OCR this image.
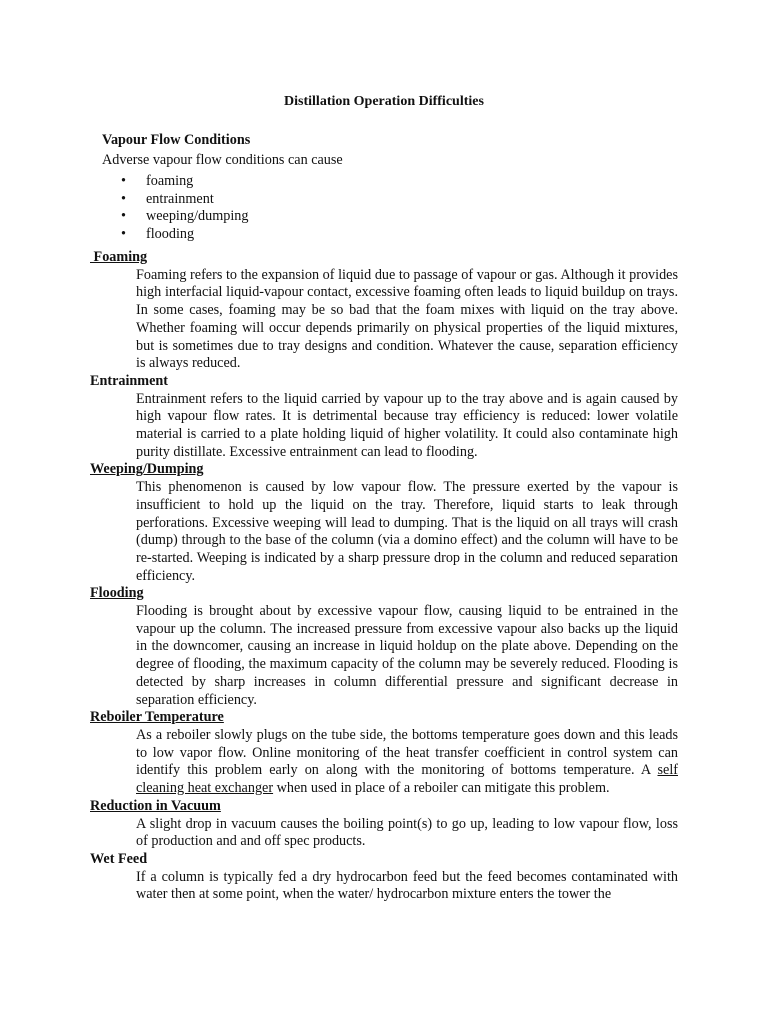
Distillation Operation Difficulties
Vapour Flow Conditions
Adverse vapour flow conditions can cause
• foaming
• entrainment
• weeping/dumping
• flooding
Foaming
Foaming refers to the expansion of liquid due to passage of vapour or gas. Although it provides high interfacial liquid-vapour contact, excessive foaming often leads to liquid buildup on trays. In some cases, foaming may be so bad that the foam mixes with liquid on the tray above. Whether foaming will occur depends primarily on physical properties of the liquid mixtures, but is sometimes due to tray designs and condition. Whatever the cause, separation efficiency is always reduced.
Entrainment
Entrainment refers to the liquid carried by vapour up to the tray above and is again caused by high vapour flow rates. It is detrimental because tray efficiency is reduced: lower volatile material is carried to a plate holding liquid of higher volatility. It could also contaminate high purity distillate. Excessive entrainment can lead to flooding.
Weeping/Dumping
This phenomenon is caused by low vapour flow. The pressure exerted by the vapour is insufficient to hold up the liquid on the tray. Therefore, liquid starts to leak through perforations. Excessive weeping will lead to dumping. That is the liquid on all trays will crash (dump) through to the base of the column (via a domino effect) and the column will have to be re-started. Weeping is indicated by a sharp pressure drop in the column and reduced separation efficiency.
Flooding
Flooding is brought about by excessive vapour flow, causing liquid to be entrained in the vapour up the column. The increased pressure from excessive vapour also backs up the liquid in the downcomer, causing an increase in liquid holdup on the plate above. Depending on the degree of flooding, the maximum capacity of the column may be severely reduced. Flooding is detected by sharp increases in column differential pressure and significant decrease in separation efficiency.
Reboiler Temperature
As a reboiler slowly plugs on the tube side, the bottoms temperature goes down and this leads to low vapor flow. Online monitoring of the heat transfer coefficient in control system can identify this problem early on along with the monitoring of bottoms temperature. A self cleaning heat exchanger when used in place of a reboiler can mitigate this problem.
Reduction in Vacuum
A slight drop in vacuum causes the boiling point(s) to go up, leading to low vapour flow, loss of production and and off spec products.
Wet Feed
If a column is typically fed a dry hydrocarbon feed but the feed becomes contaminated with water then at some point, when the water/ hydrocarbon mixture enters the tower the
